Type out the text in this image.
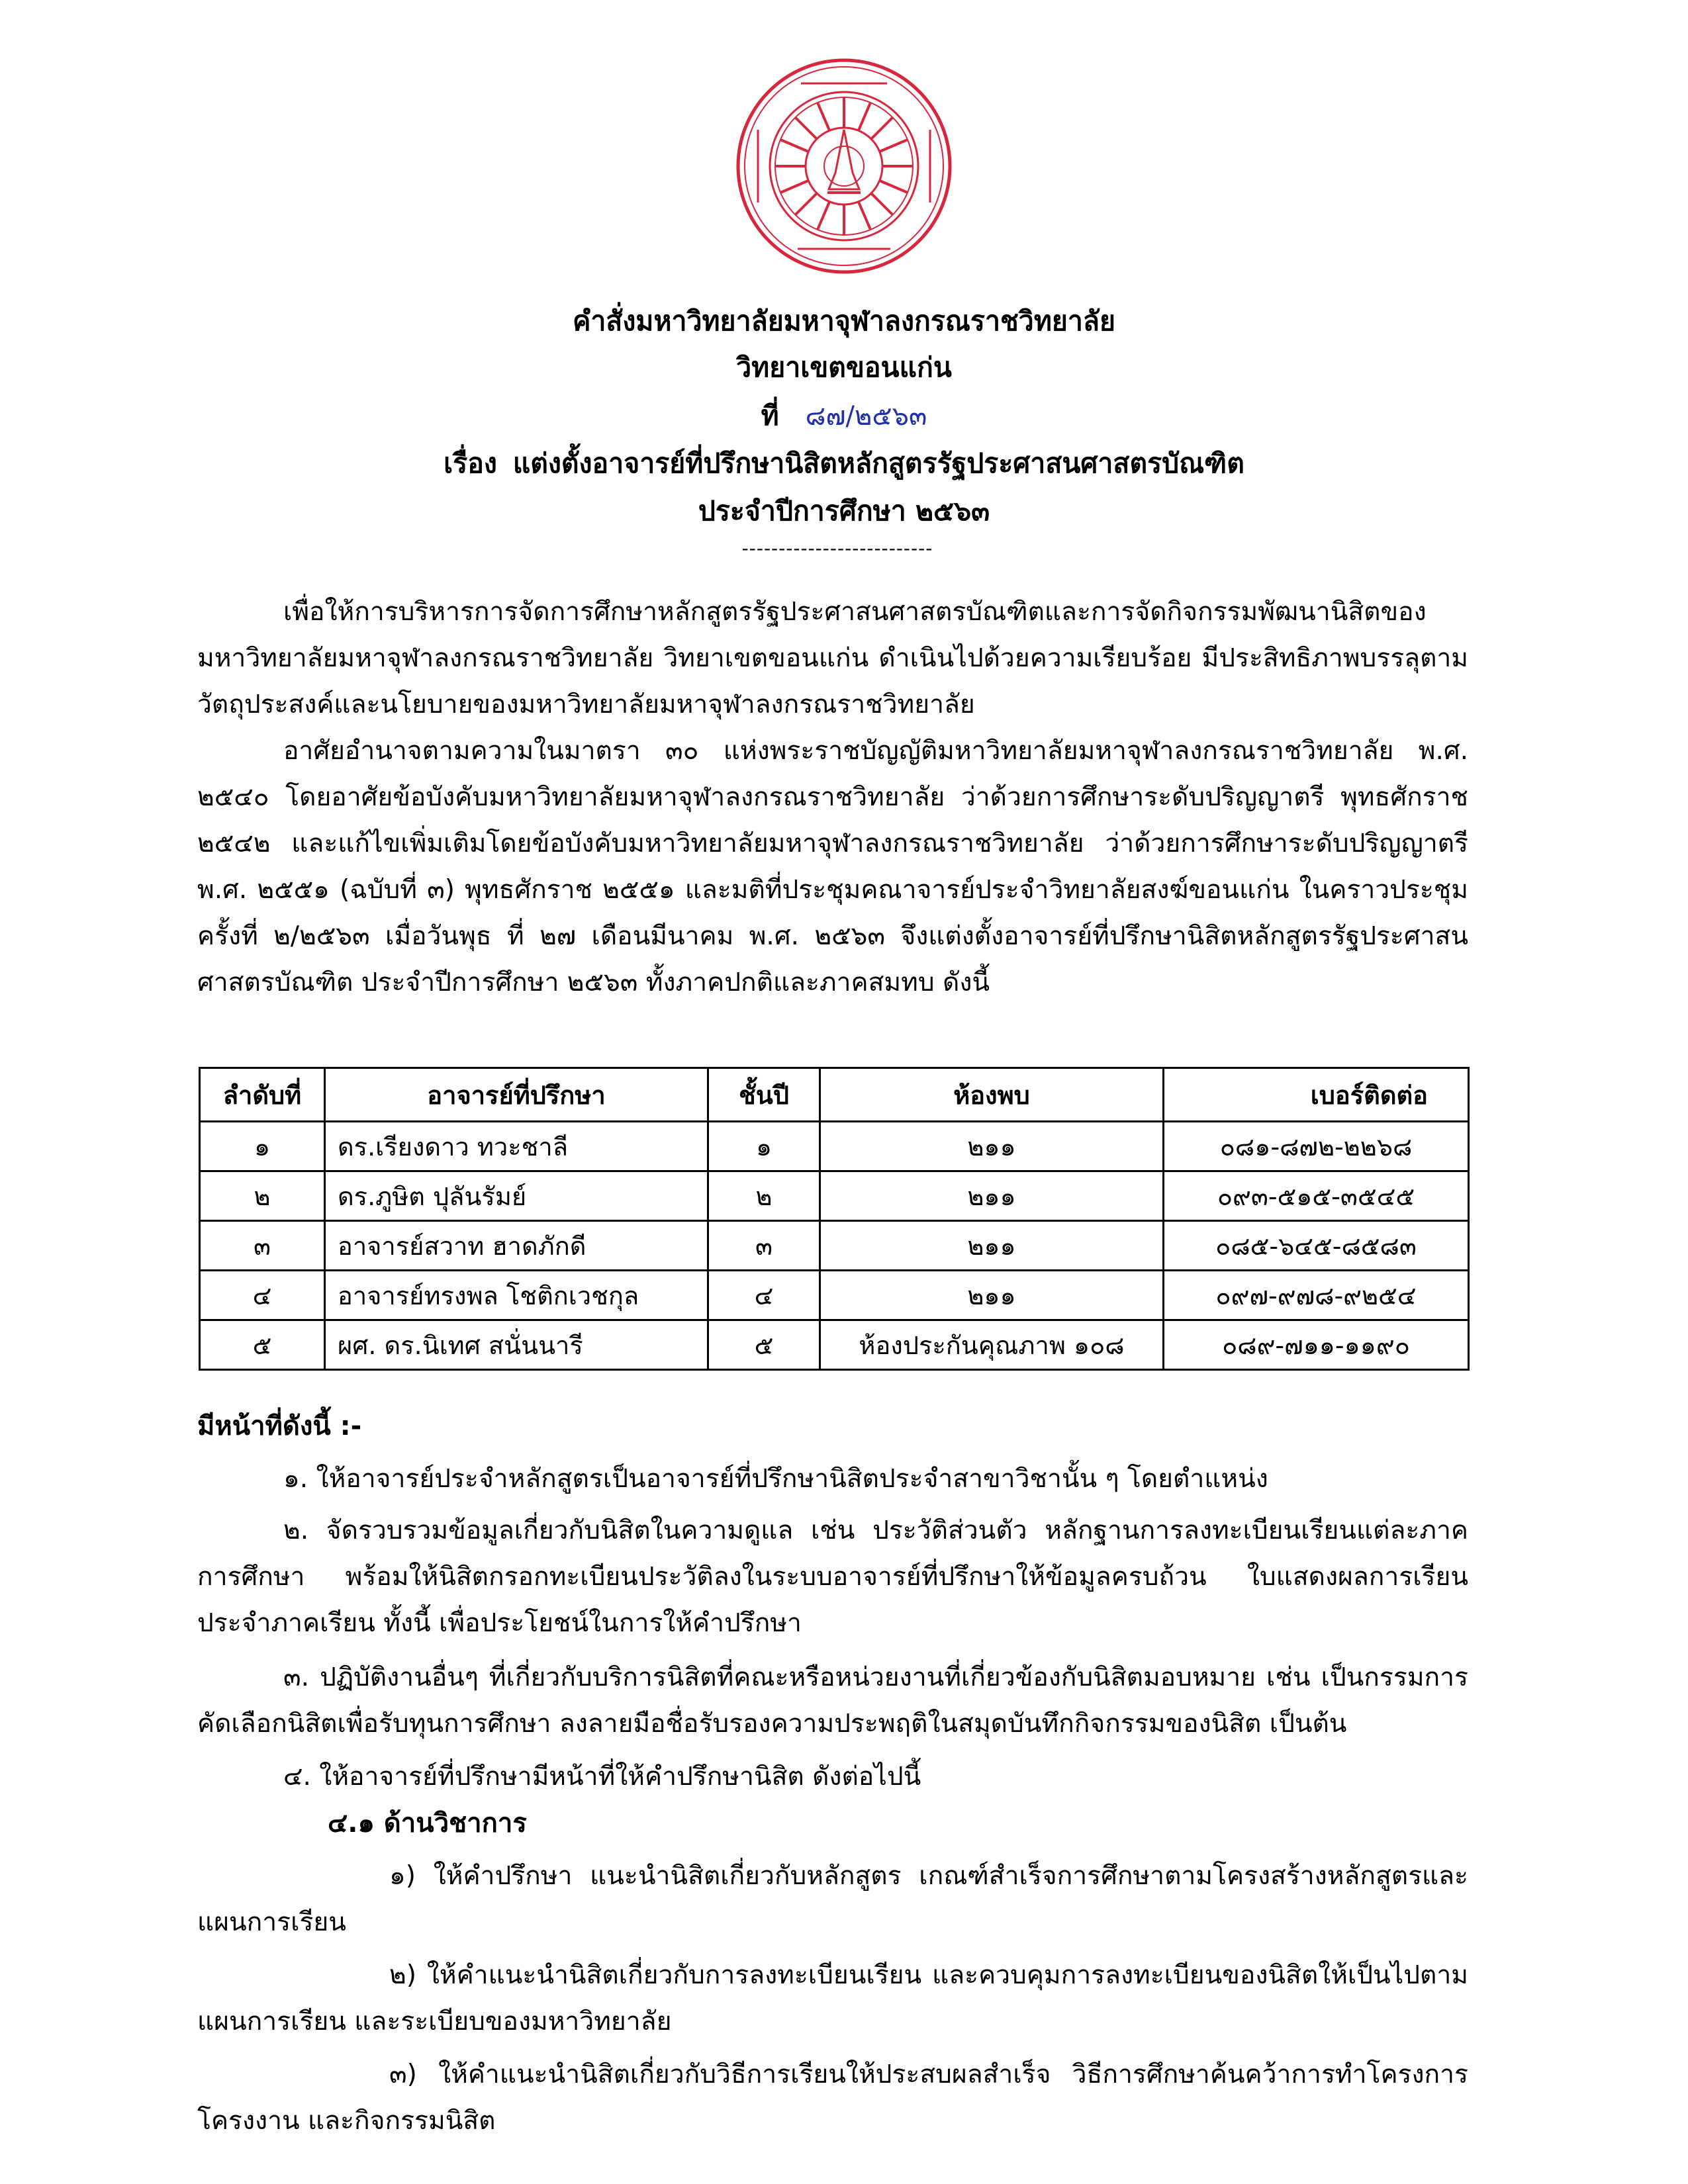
คำสั่งมหาวิทยาลัยมหาจุฬาลงกรณราชวิทยาลัย
วิทยาเขตขอนแก่น
ที่ ๘๗/๒๕๖๓
เรื่อง แต่งตั้งอาจารย์ที่ปรึกษานิสิตหลักสูตรรัฐประศาสนศาสตรบัณฑิต
ประจำปีการศึกษา ๒๕๖๓
--------------------------

เพื่อให้การบริหารการจัดการศึกษาหลักสูตรรัฐประศาสนศาสตรบัณฑิตและการจัดกิจกรรมพัฒนานิสิตของมหาวิทยาลัยมหาจุฬาลงกรณราชวิทยาลัย วิทยาเขตขอนแก่น ดำเนินไปด้วยความเรียบร้อย มีประสิทธิภาพบรรลุตามวัตถุประสงค์และนโยบายของมหาวิทยาลัยมหาจุฬาลงกรณราชวิทยาลัย

อาศัยอำนาจตามความในมาตรา ๓๐ แห่งพระราชบัญญัติมหาวิทยาลัยมหาจุฬาลงกรณราชวิทยาลัย พ.ศ. ๒๕๔๐ โดยอาศัยข้อบังคับมหาวิทยาลัยมหาจุฬาลงกรณราชวิทยาลัย ว่าด้วยการศึกษาระดับปริญญาตรี พุทธศักราช ๒๕๔๒ และแก้ไขเพิ่มเติมโดยข้อบังคับมหาวิทยาลัยมหาจุฬาลงกรณราชวิทยาลัย ว่าด้วยการศึกษาระดับปริญญาตรี พ.ศ. ๒๕๕๑ (ฉบับที่ ๓) พุทธศักราช ๒๕๕๑ และมติที่ประชุมคณาจารย์ประจำวิทยาลัยสงฆ์ขอนแก่น ในคราวประชุมครั้งที่ ๒/๒๕๖๓ เมื่อวันพุธ ที่ ๒๗ เดือนมีนาคม พ.ศ. ๒๕๖๓ จึงแต่งตั้งอาจารย์ที่ปรึกษานิสิตหลักสูตรรัฐประศาสนศาสตรบัณฑิต ประจำปีการศึกษา ๒๕๖๓ ทั้งภาคปกติและภาคสมทบ ดังนี้

ลำดับที่	อาจารย์ที่ปรึกษา	ชั้นปี	ห้องพบ	เบอร์ติดต่อ
๑	ดร.เรียงดาว ทวะชาลี	๑	๒๑๑	๐๘๑-๘๗๒-๒๒๖๘
๒	ดร.ภูษิต ปุลันรัมย์	๒	๒๑๑	๐๙๓-๕๑๕-๓๕๔๕
๓	อาจารย์สวาท ฮาดภักดี	๓	๒๑๑	๐๘๕-๖๔๕-๘๕๘๓
๔	อาจารย์ทรงพล โชติกเวชกุล	๔	๒๑๑	๐๙๗-๙๗๘-๙๒๕๔
๕	ผศ. ดร.นิเทศ สนั่นนารี	๕	ห้องประกันคุณภาพ ๑๐๘	๐๘๙-๗๑๑-๑๑๙๐
มีหน้าที่ดังนี้ :-

๑. ให้อาจารย์ประจำหลักสูตรเป็นอาจารย์ที่ปรึกษานิสิตประจำสาขาวิชานั้น ๆ โดยตำแหน่ง

๒. จัดรวบรวมข้อมูลเกี่ยวกับนิสิตในความดูแล เช่น ประวัติส่วนตัว หลักฐานการลงทะเบียนเรียนแต่ละภาคการศึกษา พร้อมให้นิสิตกรอกทะเบียนประวัติลงในระบบอาจารย์ที่ปรึกษาให้ข้อมูลครบถ้วน ใบแสดงผลการเรียนประจำภาคเรียน ทั้งนี้ เพื่อประโยชน์ในการให้คำปรึกษา

๓. ปฏิบัติงานอื่นๆ ที่เกี่ยวกับบริการนิสิตที่คณะหรือหน่วยงานที่เกี่ยวข้องกับนิสิตมอบหมาย เช่น เป็นกรรมการคัดเลือกนิสิตเพื่อรับทุนการศึกษา ลงลายมือชื่อรับรองความประพฤติในสมุดบันทึกกิจกรรมของนิสิต เป็นต้น

๔. ให้อาจารย์ที่ปรึกษามีหน้าที่ให้คำปรึกษานิสิต ดังต่อไปนี้

๔.๑ ด้านวิชาการ

๑) ให้คำปรึกษา แนะนำนิสิตเกี่ยวกับหลักสูตร เกณฑ์สำเร็จการศึกษาตามโครงสร้างหลักสูตรและแผนการเรียน

๒) ให้คำแนะนำนิสิตเกี่ยวกับการลงทะเบียนเรียน และควบคุมการลงทะเบียนของนิสิตให้เป็นไปตามแผนการเรียน และระเบียบของมหาวิทยาลัย

๓) ให้คำแนะนำนิสิตเกี่ยวกับวิธีการเรียนให้ประสบผลสำเร็จ วิธีการศึกษาค้นคว้าการทำโครงการ โครงงาน และกิจกรรมนิสิต
